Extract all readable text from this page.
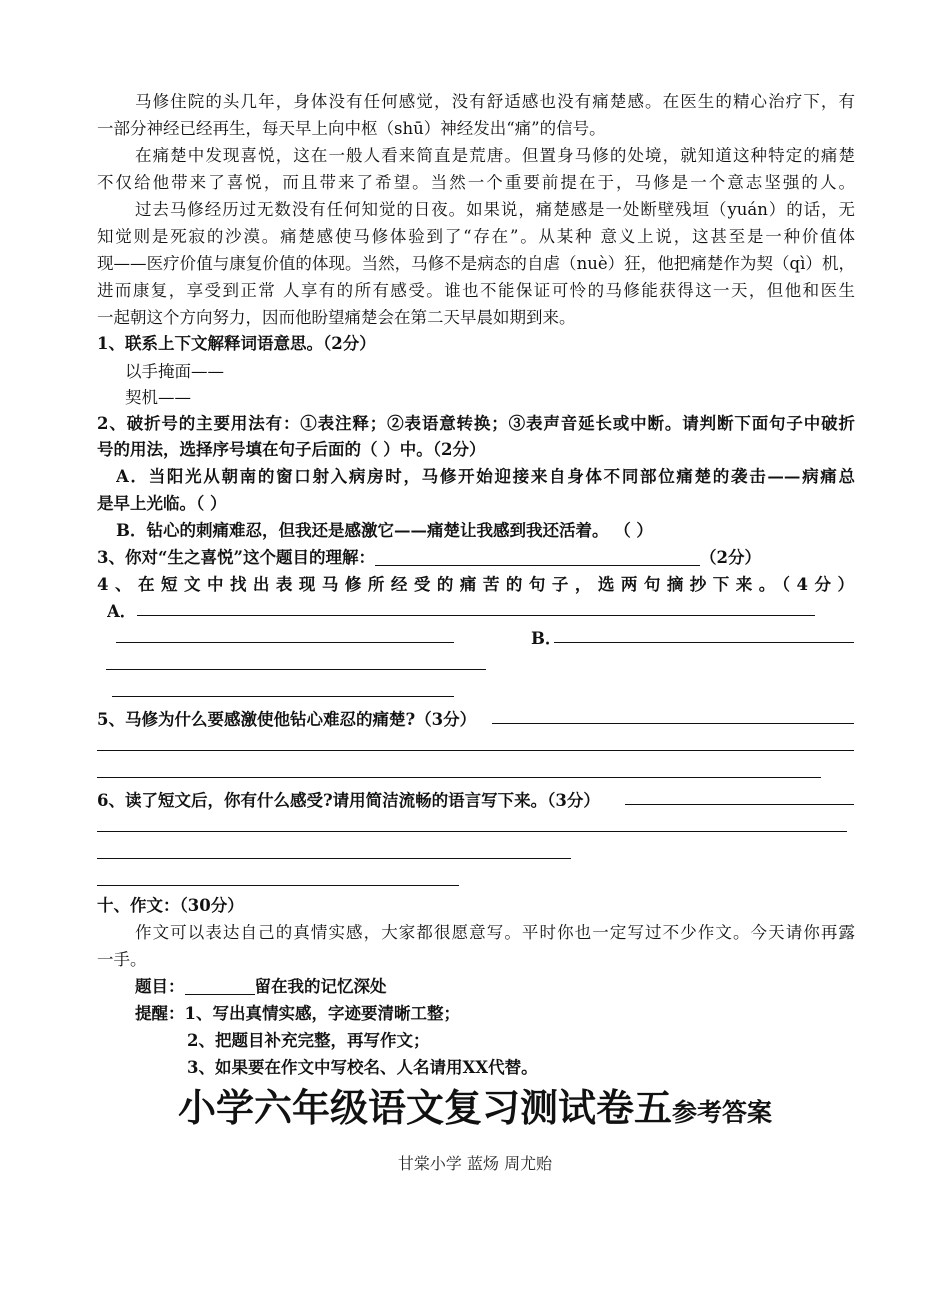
马修住院的头几年，身体没有任何感觉，没有舒适感也没有痛楚感。在医生的精心治疗下，有
一部分神经已经再生，每天早上向中枢（shū）神经发出“痛”的信号。
在痛楚中发现喜悦，这在一般人看来简直是荒唐。但置身马修的处境，就知道这种特定的痛楚
不仅给他带来了喜悦，而且带来了希望。当然一个重要前提在于，马修是一个意志坚强的人。
过去马修经历过无数没有任何知觉的日夜。如果说，痛楚感是一处断壁残垣（yuán）的话，无
知觉则是死寂的沙漠。痛楚感使马修体验到了“存在”。从某种 意义上说，这甚至是一种价值体
现——医疗价值与康复价值的体现。当然，马修不是病态的自虐（nuè）狂，他把痛楚作为契（qì）机，
进而康复，享受到正常 人享有的所有感受。谁也不能保证可怜的马修能获得这一天，但他和医生
一起朝这个方向努力，因而他盼望痛楚会在第二天早晨如期到来。
1、联系上下文解释词语意思。（2分）
以手掩面——
契机——
2、破折号的主要用法有：①表注释；②表语意转换；③表声音延长或中断。请判断下面句子中破折
号的用法，选择序号填在句子后面的（ ）中。（2分）
A．当阳光从朝南的窗口射入病房时，马修开始迎接来自身体不同部位痛楚的袭击——病痛总
是早上光临。（ ）
B．钻心的刺痛难忍，但我还是感激它——痛楚让我感到我还活着。 （ ）
3、你对“生之喜悦”这个题目的理解：	（2分）
4、在短文中找出表现马修所经受的痛苦的句子，选两句摘抄下来。（4分）
A．
B．
5、马修为什么要感激使他钻心难忍的痛楚?（3分）
6、读了短文后，你有什么感受?请用简洁流畅的语言写下来。（3分）
十、作文：（30分）
作文可以表达自己的真情实感，大家都很愿意写。平时你也一定写过不少作文。今天请你再露
一手。
题目：	留在我的记忆深处
提醒：1、写出真情实感，字迹要清晰工整；
2、把题目补充完整，再写作文；
3、如果要在作文中写校名、人名请用XX代替。
小学六年级语文复习测试卷五参考答案
甘棠小学 蓝炀 周尤贻
